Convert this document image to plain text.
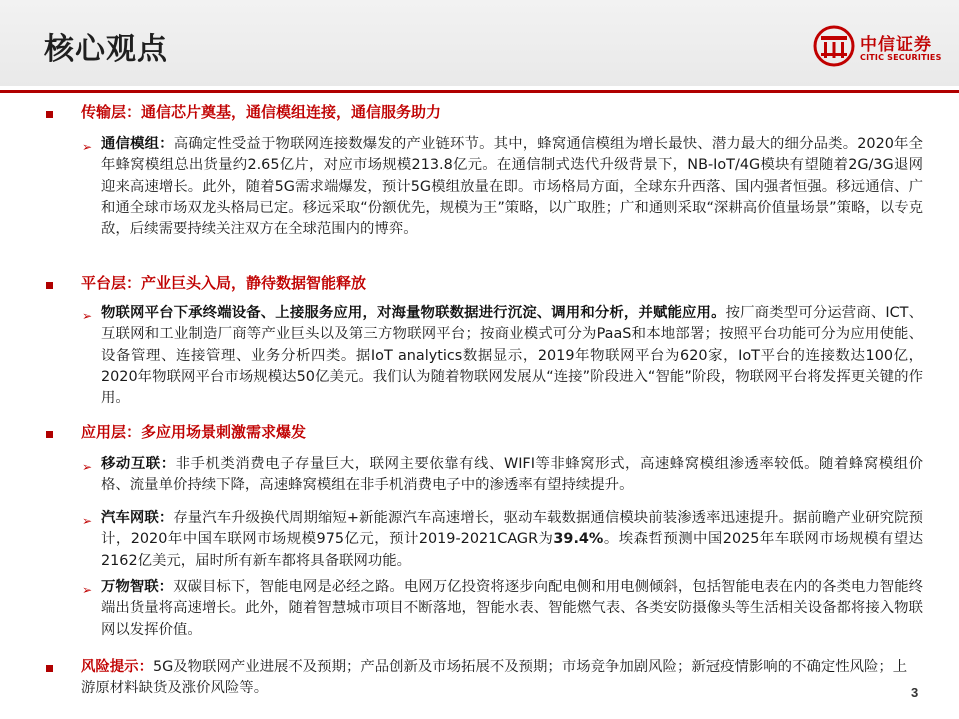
核心观点	中信证券
CITIC SECURITIES
传输层：通信芯片奠基，通信模组连接，通信服务助力
➢ 通信模组：高确定性受益于物联网连接数爆发的产业链环节。其中，蜂窝通信模组为增长最快、潜力最大的细分品类。2020年全年蜂窝模组总出货量约2.65亿片，对应市场规模213.8亿元。在通信制式迭代升级背景下，NB-IoT/4G模块有望随着2G/3G退网迎来高速增长。此外，随着5G需求端爆发，预计5G模组放量在即。市场格局方面，全球东升西落、国内强者恒强。移远通信、广和通全球市场双龙头格局已定。移远采取“份额优先，规模为王”策略，以广取胜；广和通则采取“深耕高价值量场景”策略，以专克敌，后续需要持续关注双方在全球范围内的博弈。
平台层：产业巨头入局，静待数据智能释放
➢ 物联网平台下承终端设备、上接服务应用，对海量物联数据进行沉淀、调用和分析，并赋能应用。按厂商类型可分运营商、ICT、互联网和工业制造厂商等产业巨头以及第三方物联网平台；按商业模式可分为PaaS和本地部署；按照平台功能可分为应用使能、设备管理、连接管理、业务分析四类。据IoT analytics数据显示，2019年物联网平台为620家，IoT平台的连接数达100亿，2020年物联网平台市场规模达50亿美元。我们认为随着物联网发展从“连接”阶段进入“智能”阶段，物联网平台将发挥更关键的作用。
应用层：多应用场景刺激需求爆发
➢ 移动互联：非手机类消费电子存量巨大，联网主要依靠有线、WIFI等非蜂窝形式，高速蜂窝模组渗透率较低。随着蜂窝模组价格、流量单价持续下降，高速蜂窝模组在非手机消费电子中的渗透率有望持续提升。
➢ 汽车网联：存量汽车升级换代周期缩短+新能源汽车高速增长，驱动车载数据通信模块前装渗透率迅速提升。据前瞻产业研究院预计，2020年中国车联网市场规模975亿元，预计2019-2021CAGR为39.4%。埃森哲预测中国2025年车联网市场规模有望达2162亿美元，届时所有新车都将具备联网功能。
➢ 万物智联：双碳目标下，智能电网是必经之路。电网万亿投资将逐步向配电侧和用电侧倾斜，包括智能电表在内的各类电力智能终端出货量将高速增长。此外，随着智慧城市项目不断落地，智能水表、智能燃气表、各类安防摄像头等生活相关设备都将接入物联网以发挥价值。
风险提示：5G及物联网产业进展不及预期；产品创新及市场拓展不及预期；市场竞争加剧风险；新冠疫情影响的不确定性风险；上游原材料缺货及涨价风险等。	3
